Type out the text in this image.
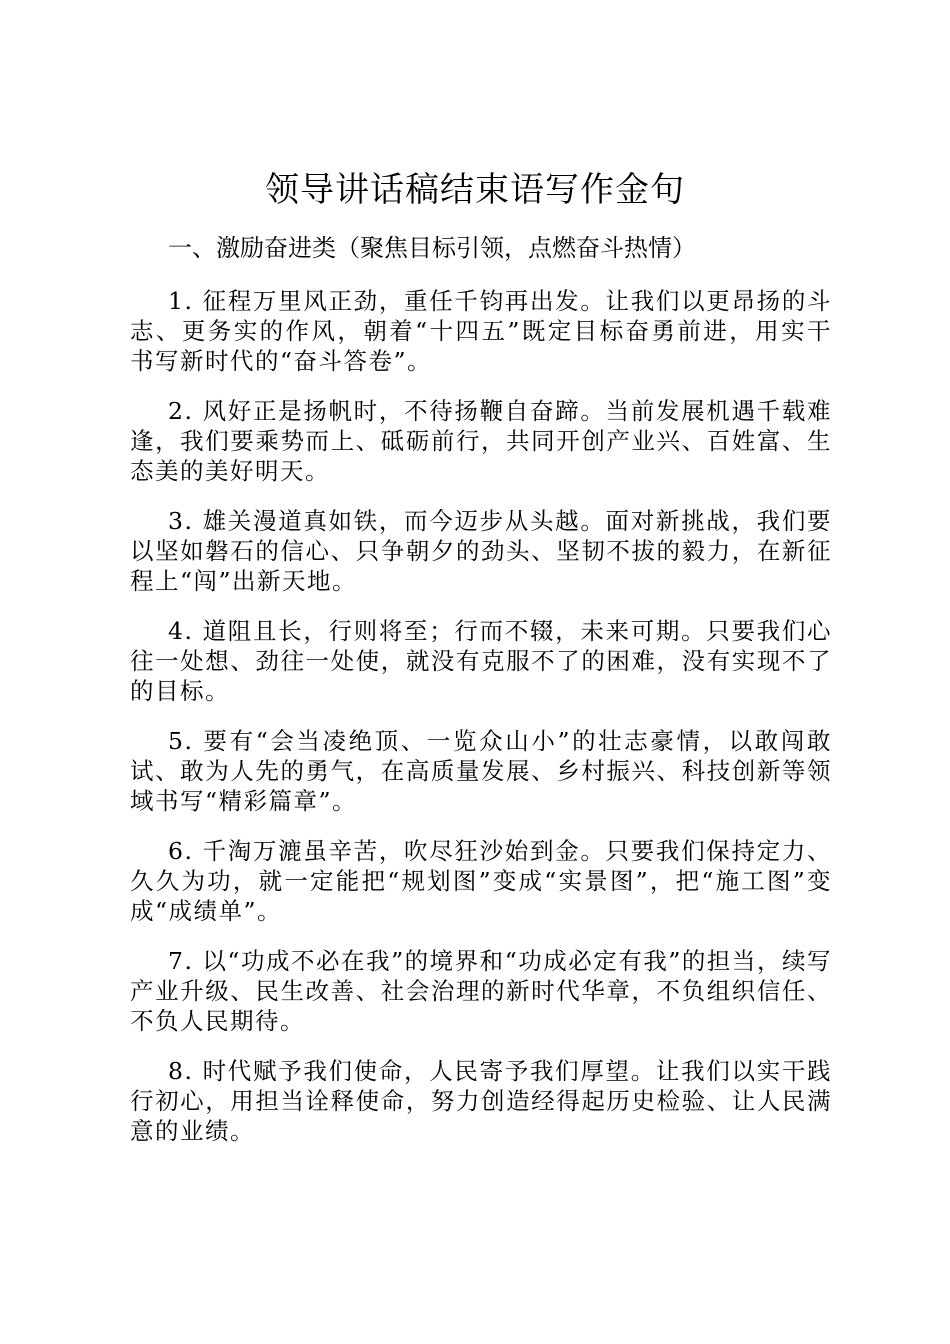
领导讲话稿结束语写作金句

一、激励奋进类（聚焦目标引领，点燃奋斗热情）

1. 征程万里风正劲，重任千钧再出发。让我们以更昂扬的斗志、更务实的作风，朝着“十四五”既定目标奋勇前进，用实干书写新时代的“奋斗答卷”。
2. 风好正是扬帆时，不待扬鞭自奋蹄。当前发展机遇千载难逢，我们要乘势而上、砥砺前行，共同开创产业兴、百姓富、生态美的美好明天。
3. 雄关漫道真如铁，而今迈步从头越。面对新挑战，我们要以坚如磐石的信心、只争朝夕的劲头、坚韧不拔的毅力，在新征程上“闯”出新天地。
4. 道阻且长，行则将至；行而不辍，未来可期。只要我们心往一处想、劲往一处使，就没有克服不了的困难，没有实现不了的目标。
5. 要有“会当凌绝顶、一览众山小”的壮志豪情，以敢闯敢试、敢为人先的勇气，在高质量发展、乡村振兴、科技创新等领域书写“精彩篇章”。
6. 千淘万漉虽辛苦，吹尽狂沙始到金。只要我们保持定力、久久为功，就一定能把“规划图”变成“实景图”，把“施工图”变成“成绩单”。
7. 以“功成不必在我”的境界和“功成必定有我”的担当，续写产业升级、民生改善、社会治理的新时代华章，不负组织信任、不负人民期待。
8. 时代赋予我们使命，人民寄予我们厚望。让我们以实干践行初心，用担当诠释使命，努力创造经得起历史检验、让人民满意的业绩。
